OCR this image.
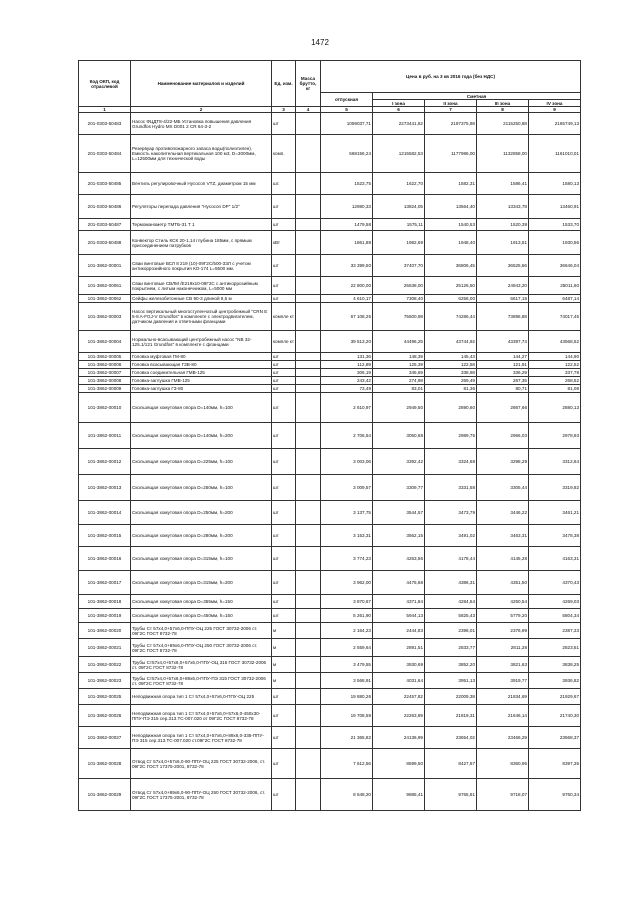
1472
Код ОКП, код отраслевой	Наименование материалов и изделий	Ед. изм.	Масса брутто, кг	Цена в руб. на 3 кв 2016 года (без НДС)				
				отпускная	Сметная			
					I зона	II зона	III зона	IV зона
1	2	3	4	5	6	7	8	9
201-0303-50483	Насос ФЦДТ8-4/22-МБ Установка повышения давления Grundfos Hydro MX D001 2 CR 64-3-2	шт		1059037,71	2273441,82	2197375,98	2115250,88	2165749,13
201-0303-50484	Резервуар противопожарного запаса воды(полиэтилен). Емкость накопительная вертикальная 100 м3, D=3000мм, L=12500мм для технической воды	комп.		568156,24	1215582,53	1177986,00	1132858,00	1161010,01
201-0303-50485	Вентиль регулировочный Hycocon VTZ, диаметром 15 мм	шт.		1523,75	1622,70	1582,31	1586,41	1580,13
201-0303-50486	Регуляторы перепада давления "Hycocon DP" 1/2"	шт		12980,33	13824,05	13564,40	13343,78	13460,91
201-0303-50487	Термоманометр ТМТБ-31 Т 1	шт		1479,58	1575,11	1540,53	1520,39	1533,70
201-0303-50488	Конвектор Стиль КСК 20-1,14 глубина 185мм, с прямым присоединением патрубков	кВт		1861,88	1982,69	1948,40	1913,81	1930,56
101-3862-00001	Сваи винтовые ВСЛ 8 219 (10)-09Г2С/500-З3Л с учетом антикоррозийного покрытия КО-174 L=5500 мм.	шт		33 399,50	37407,70	36806,45	36525,56	36646,04
101-3862-00061	Сваи винтовые СВЛМ /Е219х10-09Г2С с антикоррозийным покрытием, с литым наконечником, L=5000 мм	шт		22 800,00	25538,00	25126,50	24943,20	25011,60
101-3862-00062	Сейфы железобетонные СВ 90-3 длиной 9,5 м	шт		4 610,17	7308,40	6256,00	6617,15	6487,14
101-3862-00003	Насос вертикальный многоступенчатый центробежный "CRN E 5-8 A-FGJ-V Grundfos" в комплекте с электродвигателем, датчиком давления и ответными фланцами	компле кт		67 108,25	75500,98	74286,44	73896,88	74017,45
101-3862-00004	Нормально-всасывающий центробежный насос "NB 32-125.1/121 Grundfos" в комплекте с фланцами	компле кт		39 513,20	44496,25	43744,92	43397,74	43568,52
101-3862-00005	Головка муфтовая ГМ-80	шт		131,36	148,39	145,43	144,27	144,90
101-3862-00006	Головка всасывающая ГЗВ-80	шт		112,89	125,39	122,58	121,91	122,52
101-3862-00007	Головка соединительная ГМВ-125	шт		306,19	345,69	338,98	336,29	337,78
101-3862-00008	Головка-заглушка ГМВ-125	шт		243,42	274,98	269,49	267,35	268,52
101-3862-00009	Головка-заглушка ГЗ-80	шт		73,49	83,01	81,36	80,71	81,08
101-3862-00010	Скользящая хомутовая опора D=140мм, h=100	шт		2 610,97	2949,50	2890,60	2867,66	2880,13
101-3862-00011	Скользящая хомутовая опора D=140мм, h=200	шт		2 706,54	3050,68	2989,75	2966,03	2978,93
101-3862-00012	Скользящая хомутовая опора D=225мм, h=100	шт		3 003,06	3392,42	3324,68	3298,29	3312,64
101-3862-00013	Скользящая хомутовая опора D=250мм, h=100	шт		3 009,57	3309,77	3331,58	3305,44	3319,82
101-3862-00014	Скользящая хомутовая опора D=250мм, h=200	шт		3 137,75	3544,57	3473,79	3446,22	3461,21
101-3862-00015	Скользящая хомутовая опора D=280мм, h=200	шт		3 153,31	3562,15	3491,02	3463,31	3478,38
101-3862-00016	Скользящая хомутовая опора D=315мм, h=100	шт		3 774,23	4263,56	4178,44	4145,28	4163,31
101-3862-00017	Скользящая хомутовая опора D=315мм, h=200	шт		3 962,00	4475,68	4386,31	4351,50	4370,43
101-3862-00018	Скользящая хомутовая опора D=355мм, h=150	шт		3 870,67	4371,84	4284,54	4250,54	4269,03
101-3862-00019	Скользящая хомутовая опора D=450мм, h=150	шт		5 261,90	5944,13	5825,43	5779,20	5804,34
101-3862-00020	Трубы Ст 57х4,0+57х6,0-ППУ-ОЦ 225 ГОСТ 30732-2006 ст. 09Г2С ГОСТ 8732-78	м		2 164,23	2444,83	2396,01	2376,99	2387,33
101-3862-00021	Трубы Ст 57х4,0+89х6,0-ППУ-ОЦ 250 ГОСТ 30732-2006 ст. 09Г2С ГОСТ 8732-78	м		2 559,64	2891,51	2833,77	2811,28	2823,51
101-3862-00022	Трубы Ст57х4,0+57х6,0+57х6,0-ППУ-ОЦ 315 ГОСТ 30732-2006 ст. 09Г2С ГОСТ 8732-78	м		3 479,55	3930,69	3852,20	3821,63	3838,25
101-3862-00023	Трубы Ст57х4,0+57х6,0+89х6,0-ППУ-ПЭ 315 ГОСТ 30732-2006 ст. 09Г2С ГОСТ 8732-78	м		3 568,91	4031,64	3951,13	3919,77	3936,82
101-3862-00025	Неподвижная опора тип 1 Ст 57х4,0+57х6,0-ППУ-ОЦ 225	шт		19 880,26	22457,82	22009,38	21834,69	21929,67
101-3862-00026	Неподвижная опора тип 1 Ст 57х4,0+57х6,0+57х6,0-450х30-ППУ-ПЭ 315 сер.313.ТС-007.020 от 09Г2С ГОСТ 8732-78	шт		19 708,59	22263,89	21819,31	21646,14	21740,30
101-3862-00027	Неподвижная опора тип 1 Ст 57х4,0+57х6,0+89х6,0-335-ППУ-ПЭ 315 сер.313.ТС-007.020 ст.09Г2С ГОСТ 8732-78	шт		21 365,82	24136,99	23654,02	23466,29	23568,37
101-3862-00028	Отвод Ст 57х4,0+57х6,0-90-ППУ-ОЦ 225 ГОСТ 30732-2006, ст. 09Г2С ГОСТ 17375-2001, 8732-78	шт		7 612,56	8599,50	8427,87	8360,96	8397,35
101-3862-00029	Отвод Ст 57х4,0+89х6,0-90-ППУ-ОЦ 250 ГОСТ 30732-2006, ст. 09Г2С ГОСТ 17375-2001, 8732-78	шт		8 648,20	9885,41	9765,81	9718,07	9760,34
